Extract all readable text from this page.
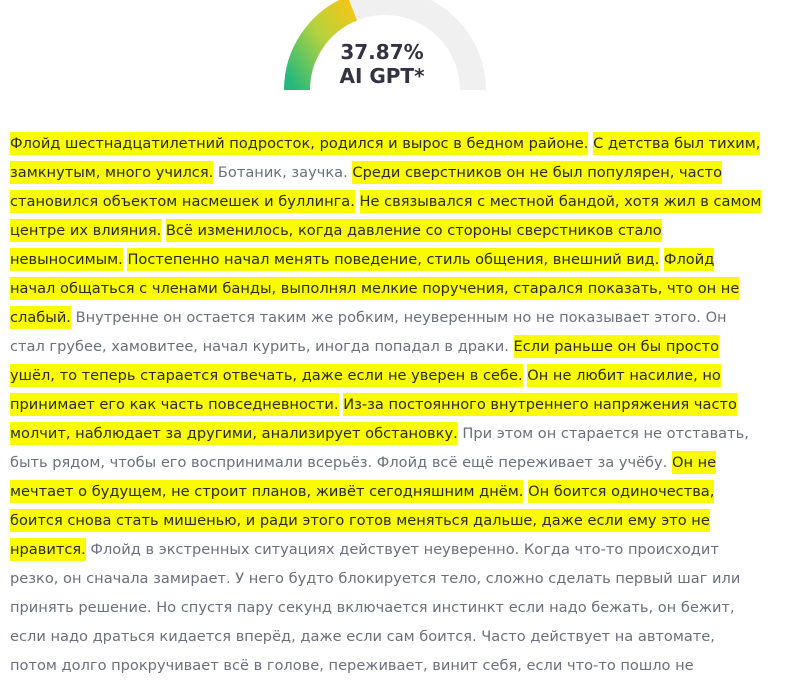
37.87%
AI GPT*

Флойд шестнадцатилетний подросток, родился и вырос в бедном районе. С детства был тихим, замкнутым, много учился. Ботаник, заучка. Среди сверстников он не был популярен, часто становился объектом насмешек и буллинга. Не связывался с местной бандой, хотя жил в самом центре их влияния. Всё изменилось, когда давление со стороны сверстников стало невыносимым. Постепенно начал менять поведение, стиль общения, внешний вид. Флойд начал общаться с членами банды, выполнял мелкие поручения, старался показать, что он не слабый. Внутренне он остается таким же робким, неуверенным но не показывает этого. Он стал грубее, хамовитее, начал курить, иногда попадал в драки. Если раньше он бы просто ушёл, то теперь старается отвечать, даже если не уверен в себе. Он не любит насилие, но принимает его как часть повседневности. Из-за постоянного внутреннего напряжения часто молчит, наблюдает за другими, анализирует обстановку. При этом он старается не отставать, быть рядом, чтобы его воспринимали всерьёз. Флойд всё ещё переживает за учёбу. Он не мечтает о будущем, не строит планов, живёт сегодняшним днём. Он боится одиночества, боится снова стать мишенью, и ради этого готов меняться дальше, даже если ему это не нравится. Флойд в экстренных ситуациях действует неуверенно. Когда что-то происходит резко, он сначала замирает. У него будто блокируется тело, сложно сделать первый шаг или принять решение. Но спустя пару секунд включается инстинкт если надо бежать, он бежит, если надо драться кидается вперёд, даже если сам боится. Часто действует на автомате, потом долго прокручивает всё в голове, переживает, винит себя, если что-то пошло не
